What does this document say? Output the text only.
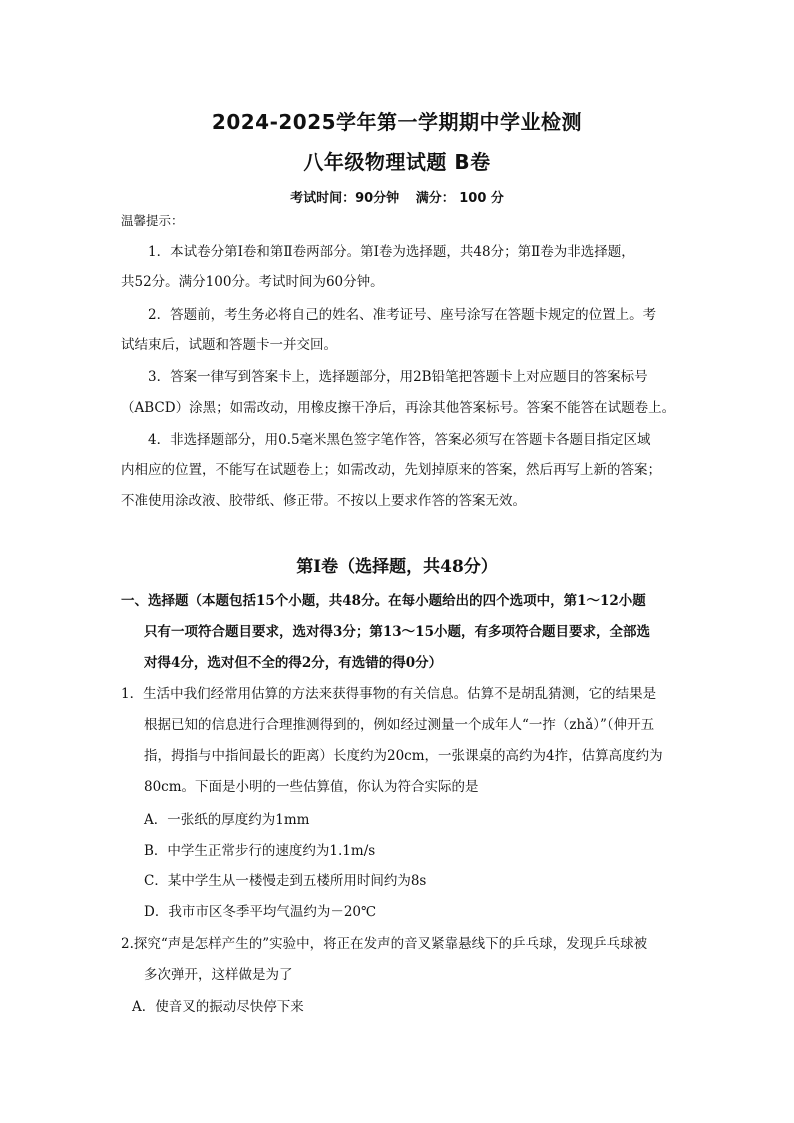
2024-2025学年第一学期期中学业检测
八年级物理试题 B卷
考试时间：90分钟 满分： 100 分
温馨提示：
1．本试卷分第Ⅰ卷和第Ⅱ卷两部分。第Ⅰ卷为选择题，共48分；第Ⅱ卷为非选择题，
共52分。满分100分。考试时间为60分钟。
2．答题前，考生务必将自己的姓名、准考证号、座号涂写在答题卡规定的位置上。考
试结束后，试题和答题卡一并交回。
3．答案一律写到答案卡上，选择题部分，用2B铅笔把答题卡上对应题目的答案标号
（ABCD）涂黑；如需改动，用橡皮擦干净后，再涂其他答案标号。答案不能答在试题卷上。
4．非选择题部分，用0.5毫米黑色签字笔作答，答案必须写在答题卡各题目指定区域
内相应的位置，不能写在试题卷上；如需改动，先划掉原来的答案，然后再写上新的答案；
不准使用涂改液、胶带纸、修正带。不按以上要求作答的答案无效。
第Ⅰ卷（选择题，共48分）
一、选择题（本题包括15个小题，共48分。在每小题给出的四个选项中，第1～12小题
只有一项符合题目要求，选对得3分；第13～15小题，有多项符合题目要求，全部选
对得4分，选对但不全的得2分，有选错的得0分）
1．生活中我们经常用估算的方法来获得事物的有关信息。估算不是胡乱猜测，它的结果是
根据已知的信息进行合理推测得到的，例如经过测量一个成年人“一拃（zhǎ）”（伸开五
指，拇指与中指间最长的距离）长度约为20cm，一张课桌的高约为4拃，估算高度约为
80cm。下面是小明的一些估算值，你认为符合实际的是
A．一张纸的厚度约为1mm
B．中学生正常步行的速度约为1.1m/s
C．某中学生从一楼慢走到五楼所用时间约为8s
D．我市市区冬季平均气温约为－20℃
2.探究“声是怎样产生的”实验中，将正在发声的音叉紧靠悬线下的乒乓球，发现乒乓球被
多次弹开，这样做是为了
A．使音叉的振动尽快停下来
